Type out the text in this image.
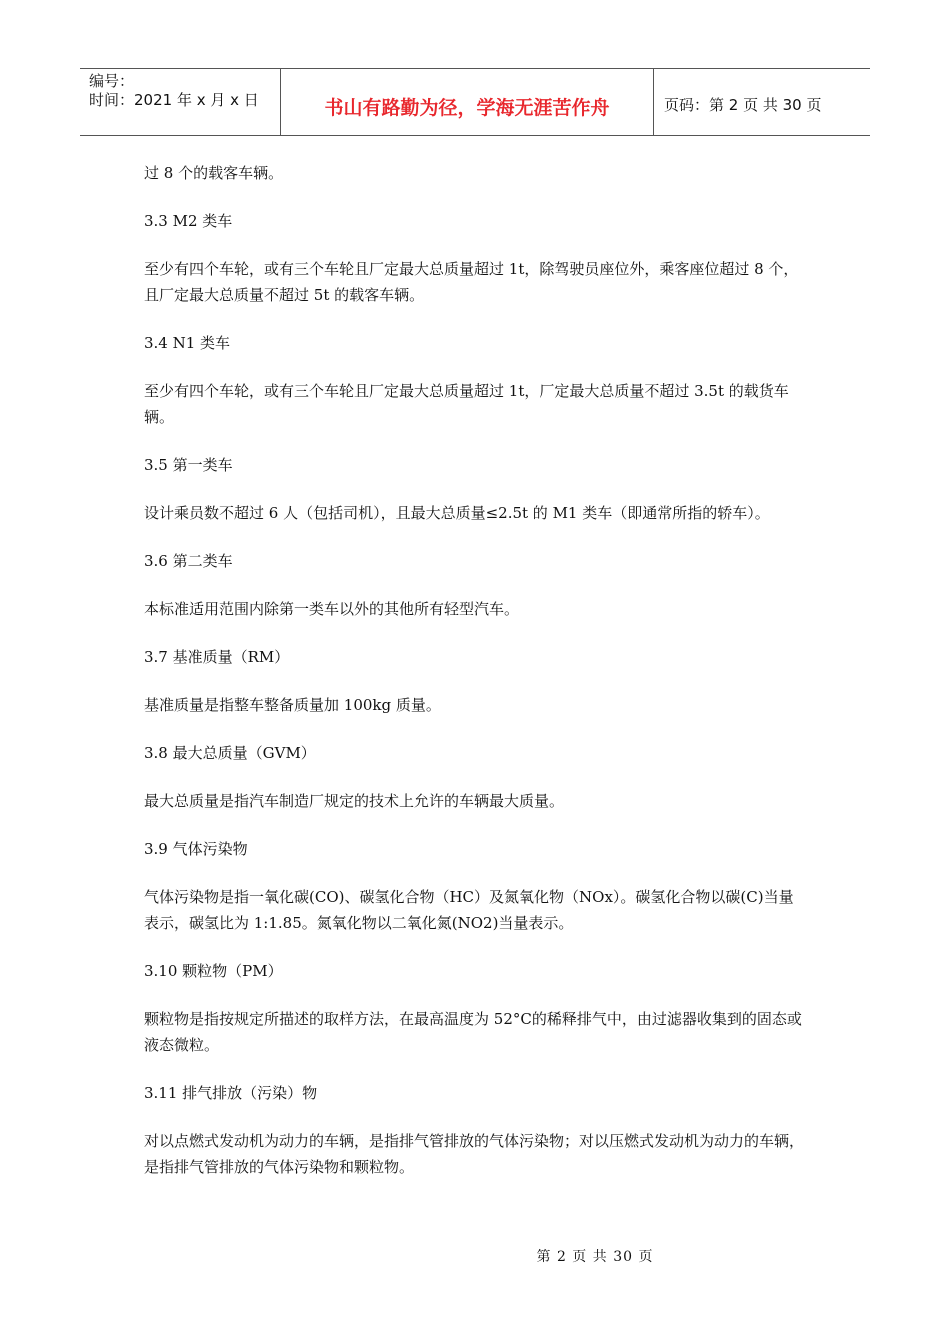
编号：
时间：2021 年 x 月 x 日	书山有路勤为径，学海无涯苦作舟	页码：第 2 页 共 30 页

过 8 个的载客车辆。

3.3 M2 类车

至少有四个车轮，或有三个车轮且厂定最大总质量超过 1t，除驾驶员座位外，乘客座位超过 8 个，且厂定最大总质量不超过 5t 的载客车辆。

3.4 N1 类车

至少有四个车轮，或有三个车轮且厂定最大总质量超过 1t，厂定最大总质量不超过 3.5t 的载货车辆。

3.5 第一类车

设计乘员数不超过 6 人（包括司机），且最大总质量≤2.5t 的 M1 类车（即通常所指的轿车）。

3.6 第二类车

本标准适用范围内除第一类车以外的其他所有轻型汽车。

3.7 基准质量（RM）

基准质量是指整车整备质量加 100kg 质量。

3.8 最大总质量（GVM）

最大总质量是指汽车制造厂规定的技术上允许的车辆最大质量。

3.9 气体污染物

气体污染物是指一氧化碳(CO)、碳氢化合物（HC）及氮氧化物（NOx）。碳氢化合物以碳(C)当量表示，碳氢比为 1:1.85。氮氧化物以二氧化氮(NO2)当量表示。

3.10 颗粒物（PM）

颗粒物是指按规定所描述的取样方法，在最高温度为 52°C的稀释排气中，由过滤器收集到的固态或液态微粒。

3.11 排气排放（污染）物

对以点燃式发动机为动力的车辆，是指排气管排放的气体污染物；对以压燃式发动机为动力的车辆，是指排气管排放的气体污染物和颗粒物。

第 2 页 共 30 页
